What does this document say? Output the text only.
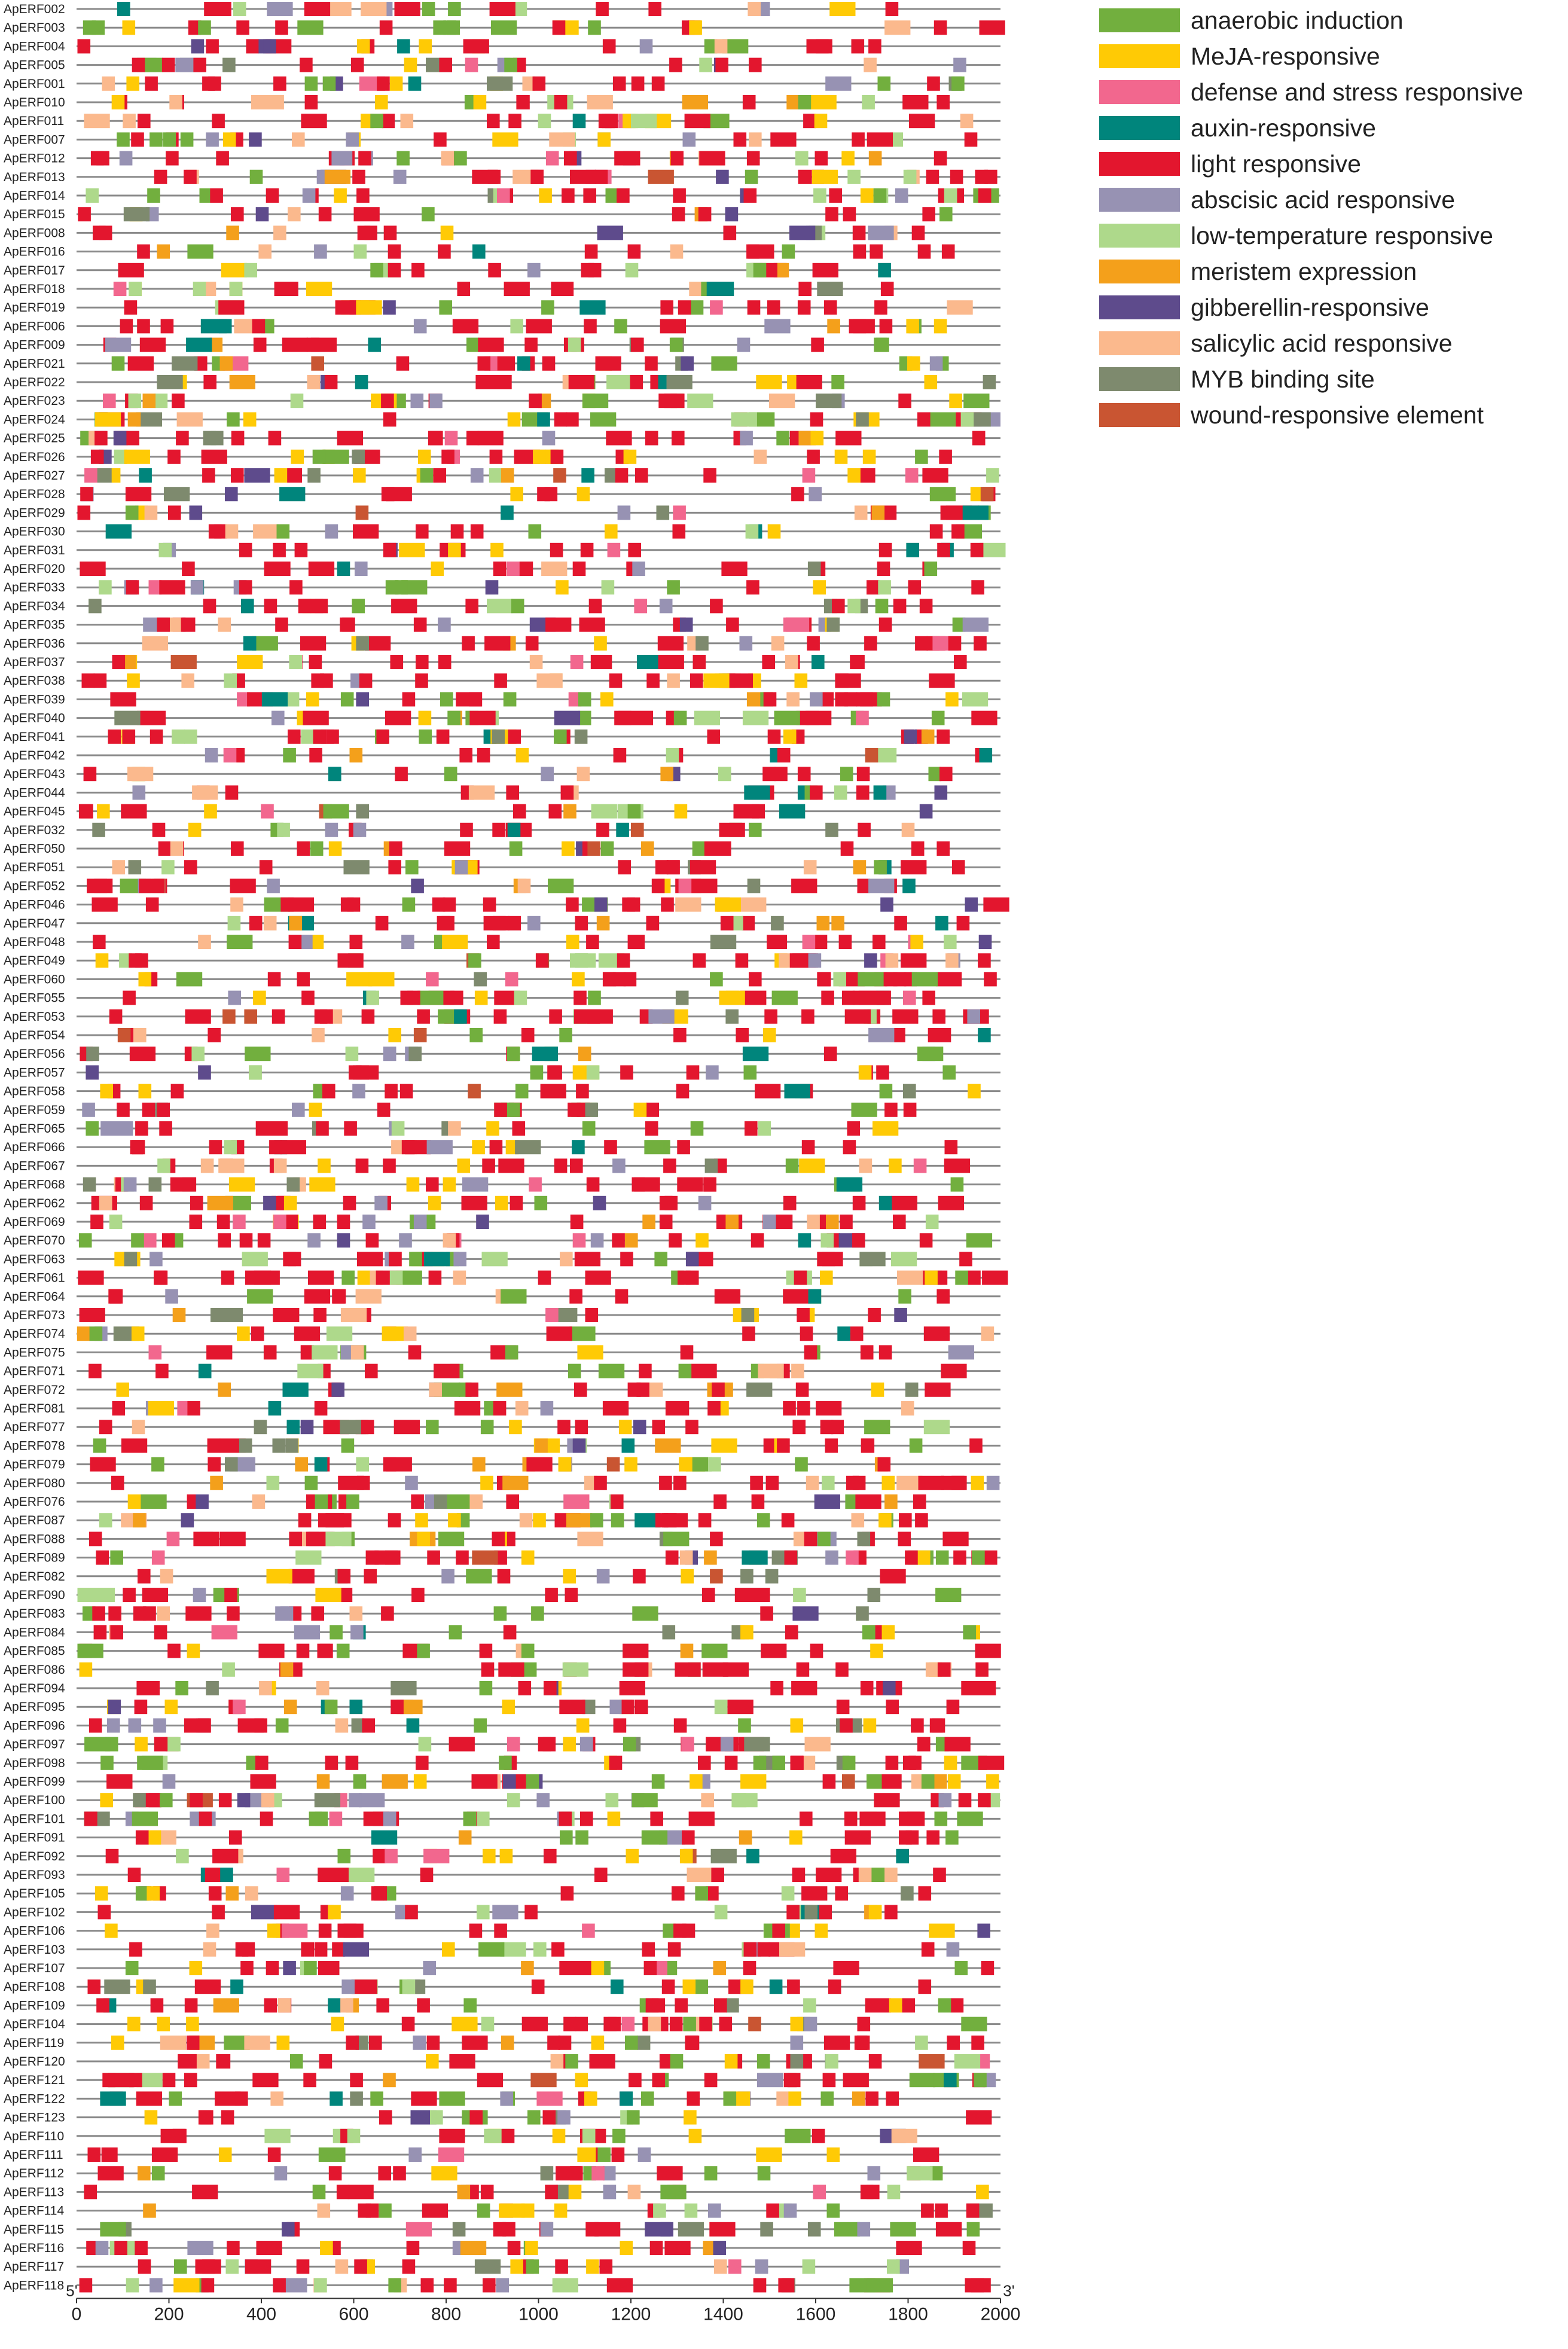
ApERF002
ApERF003
ApERF004
ApERF005
ApERF001
ApERF010
ApERF011
ApERF007
ApERF012
ApERF013
ApERF014
ApERF015
ApERF008
ApERF016
ApERF017
ApERF018
ApERF019
ApERF006
ApERF009
ApERF021
ApERF022
ApERF023
ApERF024
ApERF025
ApERF026
ApERF027
ApERF028
ApERF029
ApERF030
ApERF031
ApERF020
ApERF033
ApERF034
ApERF035
ApERF036
ApERF037
ApERF038
ApERF039
ApERF040
ApERF041
ApERF042
ApERF043
ApERF044
ApERF045
ApERF032
ApERF050
ApERF051
ApERF052
ApERF046
ApERF047
ApERF048
ApERF049
ApERF060
ApERF055
ApERF053
ApERF054
ApERF056
ApERF057
ApERF058
ApERF059
ApERF065
ApERF066
ApERF067
ApERF068
ApERF062
ApERF069
ApERF070
ApERF063
ApERF061
ApERF064
ApERF073
ApERF074
ApERF075
ApERF071
ApERF072
ApERF081
ApERF077
ApERF078
ApERF079
ApERF080
ApERF076
ApERF087
ApERF088
ApERF089
ApERF082
ApERF090
ApERF083
ApERF084
ApERF085
ApERF086
ApERF094
ApERF095
ApERF096
ApERF097
ApERF098
ApERF099
ApERF100
ApERF101
ApERF091
ApERF092
ApERF093
ApERF105
ApERF102
ApERF106
ApERF103
ApERF107
ApERF108
ApERF109
ApERF104
ApERF119
ApERF120
ApERF121
ApERF122
ApERF123
ApERF110
ApERF111
ApERF112
ApERF113
ApERF114
ApERF115
ApERF116
ApERF117
ApERF118
0	200	400	600	800	1000	1200	1400	1600	1800	2000
5'	3'
anaerobic induction
MeJA-responsive
defense and stress responsive
auxin-responsive
light responsive
abscisic acid responsive
low-temperature responsive
meristem expression
gibberellin-responsive
salicylic acid responsive
MYB binding site
wound-responsive element
